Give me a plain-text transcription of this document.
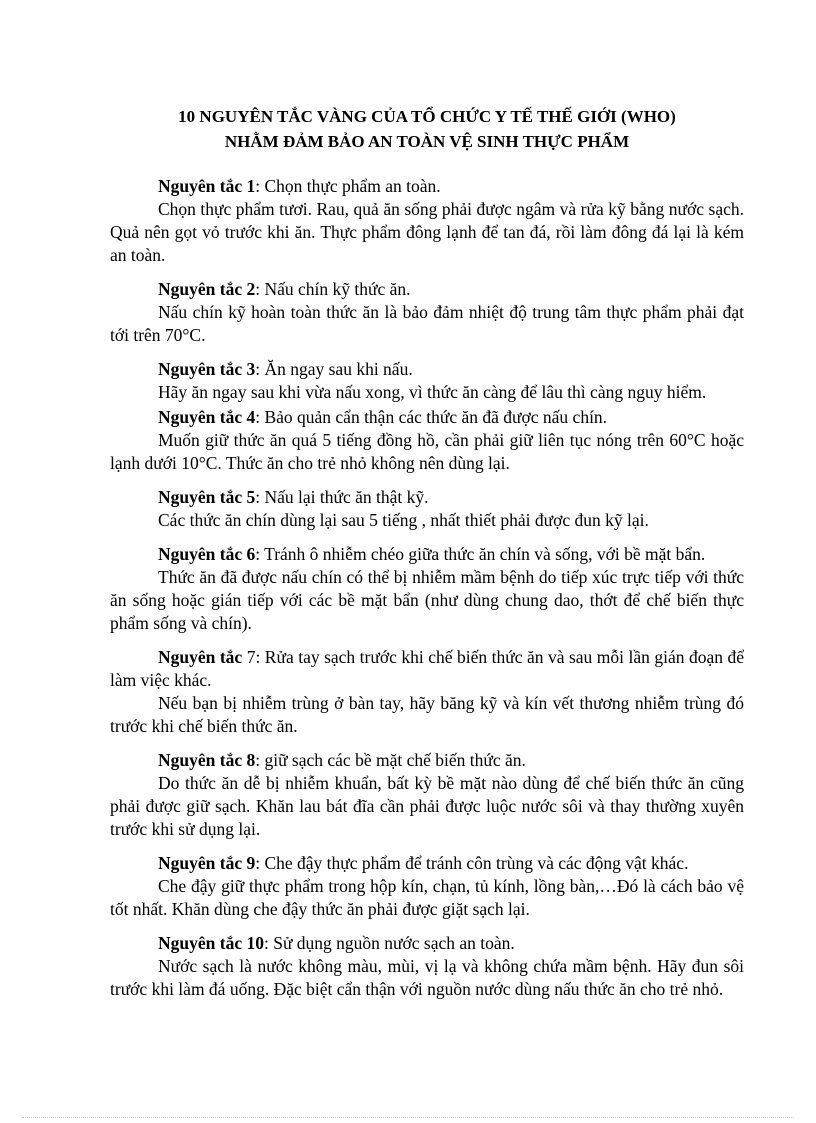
10 NGUYÊN TẮC VÀNG CỦA TỔ CHỨC Y TẾ THẾ GIỚI (WHO)
NHẰM ĐẢM BẢO AN TOÀN VỆ SINH THỰC PHẨM

Nguyên tắc 1: Chọn thực phẩm an toàn.

Chọn thực phẩm tươi. Rau, quả ăn sống phải được ngâm và rửa kỹ bằng nước sạch. Quả nên gọt vỏ trước khi ăn. Thực phẩm đông lạnh để tan đá, rồi làm đông đá lại là kém an toàn.

Nguyên tắc 2: Nấu chín kỹ thức ăn.

Nấu chín kỹ hoàn toàn thức ăn là bảo đảm nhiệt độ trung tâm thực phẩm phải đạt tới trên 70°C.

Nguyên tắc 3: Ăn ngay sau khi nấu.

Hãy ăn ngay sau khi vừa nấu xong, vì thức ăn càng để lâu thì càng nguy hiểm.

Nguyên tắc 4: Bảo quản cẩn thận các thức ăn đã được nấu chín.

Muốn giữ thức ăn quá 5 tiếng đồng hồ, cần phải giữ liên tục nóng trên 60°C hoặc lạnh dưới 10°C. Thức ăn cho trẻ nhỏ không nên dùng lại.

Nguyên tắc 5: Nấu lại thức ăn thật kỹ.

Các thức ăn chín dùng lại sau 5 tiếng , nhất thiết phải được đun kỹ lại.

Nguyên tắc 6: Tránh ô nhiễm chéo giữa thức ăn chín và sống, với bề mặt bẩn.

Thức ăn đã được nấu chín có thể bị nhiễm mầm bệnh do tiếp xúc trực tiếp với thức ăn sống hoặc gián tiếp với các bề mặt bẩn (như dùng chung dao, thớt để chế biến thực phẩm sống và chín).

Nguyên tắc 7: Rửa tay sạch trước khi chế biến thức ăn và sau mỗi lần gián đoạn để làm việc khác.

Nếu bạn bị nhiễm trùng ở bàn tay, hãy băng kỹ và kín vết thương nhiễm trùng đó trước khi chế biến thức ăn.

Nguyên tắc 8: giữ sạch các bề mặt chế biến thức ăn.

Do thức ăn dễ bị nhiễm khuẩn, bất kỳ bề mặt nào dùng để chế biến thức ăn cũng phải được giữ sạch. Khăn lau bát đĩa cần phải được luộc nước sôi và thay thường xuyên trước khi sử dụng lại.

Nguyên tắc 9: Che đậy thực phẩm để tránh côn trùng và các động vật khác.

Che đậy giữ thực phẩm trong hộp kín, chạn, tủ kính, lồng bàn,…Đó là cách bảo vệ tốt nhất. Khăn dùng che đậy thức ăn phải được giặt sạch lại.

Nguyên tắc 10: Sử dụng nguồn nước sạch an toàn.

Nước sạch là nước không màu, mùi, vị lạ và không chứa mầm bệnh. Hãy đun sôi trước khi làm đá uống. Đặc biệt cẩn thận với nguồn nước dùng nấu thức ăn cho trẻ nhỏ.
